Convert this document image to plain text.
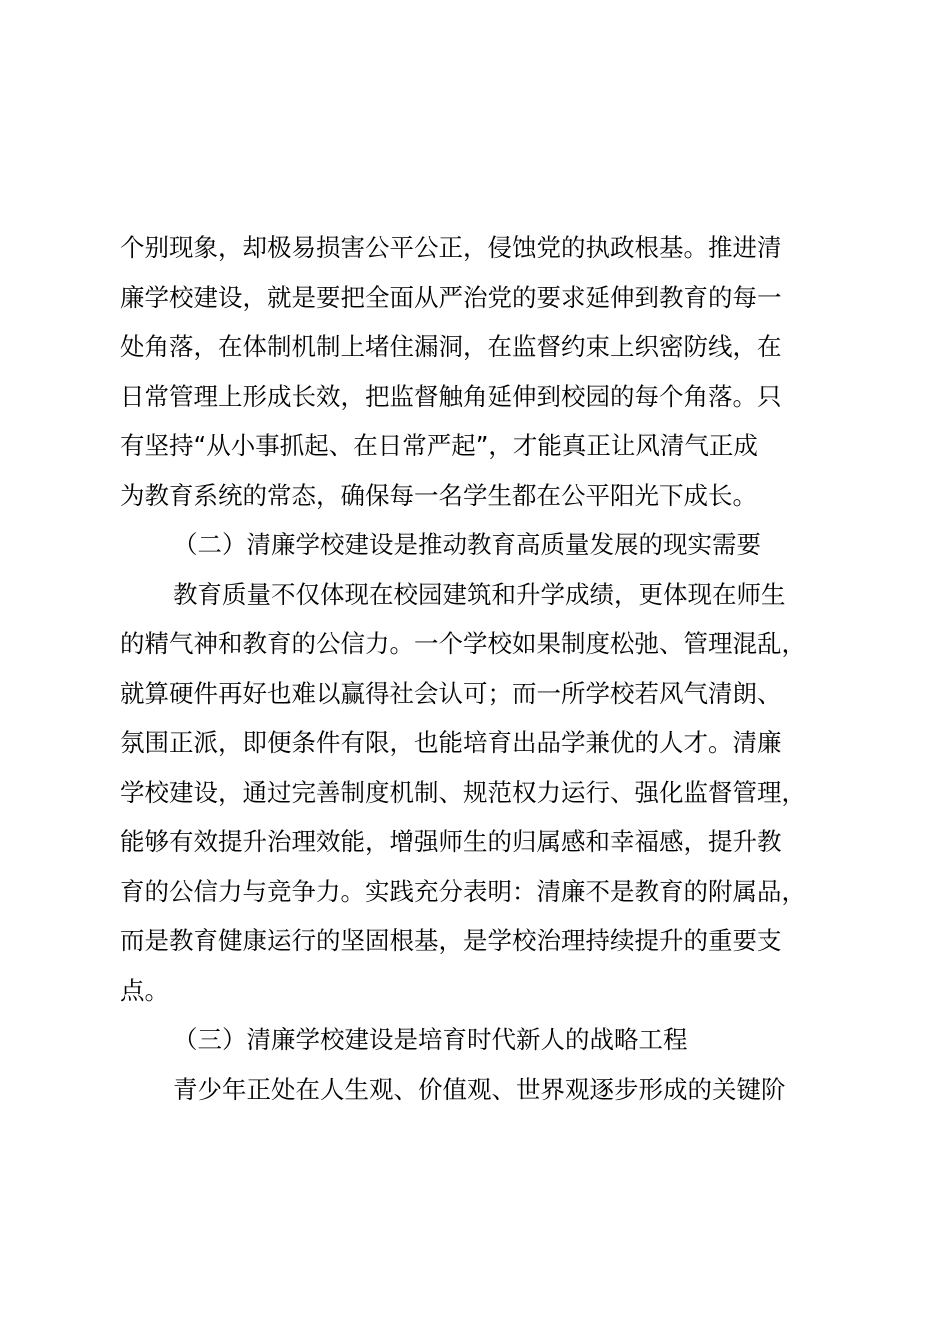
个别现象，却极易损害公平公正，侵蚀党的执政根基。推进清
廉学校建设，就是要把全面从严治党的要求延伸到教育的每一
处角落，在体制机制上堵住漏洞，在监督约束上织密防线，在
日常管理上形成长效，把监督触角延伸到校园的每个角落。只
有坚持“从小事抓起、在日常严起”，才能真正让风清气正成
为教育系统的常态，确保每一名学生都在公平阳光下成长。
（二）清廉学校建设是推动教育高质量发展的现实需要
教育质量不仅体现在校园建筑和升学成绩，更体现在师生
的精气神和教育的公信力。一个学校如果制度松弛、管理混乱，
就算硬件再好也难以赢得社会认可；而一所学校若风气清朗、
氛围正派，即便条件有限，也能培育出品学兼优的人才。清廉
学校建设，通过完善制度机制、规范权力运行、强化监督管理，
能够有效提升治理效能，增强师生的归属感和幸福感，提升教
育的公信力与竞争力。实践充分表明：清廉不是教育的附属品，
而是教育健康运行的坚固根基，是学校治理持续提升的重要支
点。
（三）清廉学校建设是培育时代新人的战略工程
青少年正处在人生观、价值观、世界观逐步形成的关键阶
